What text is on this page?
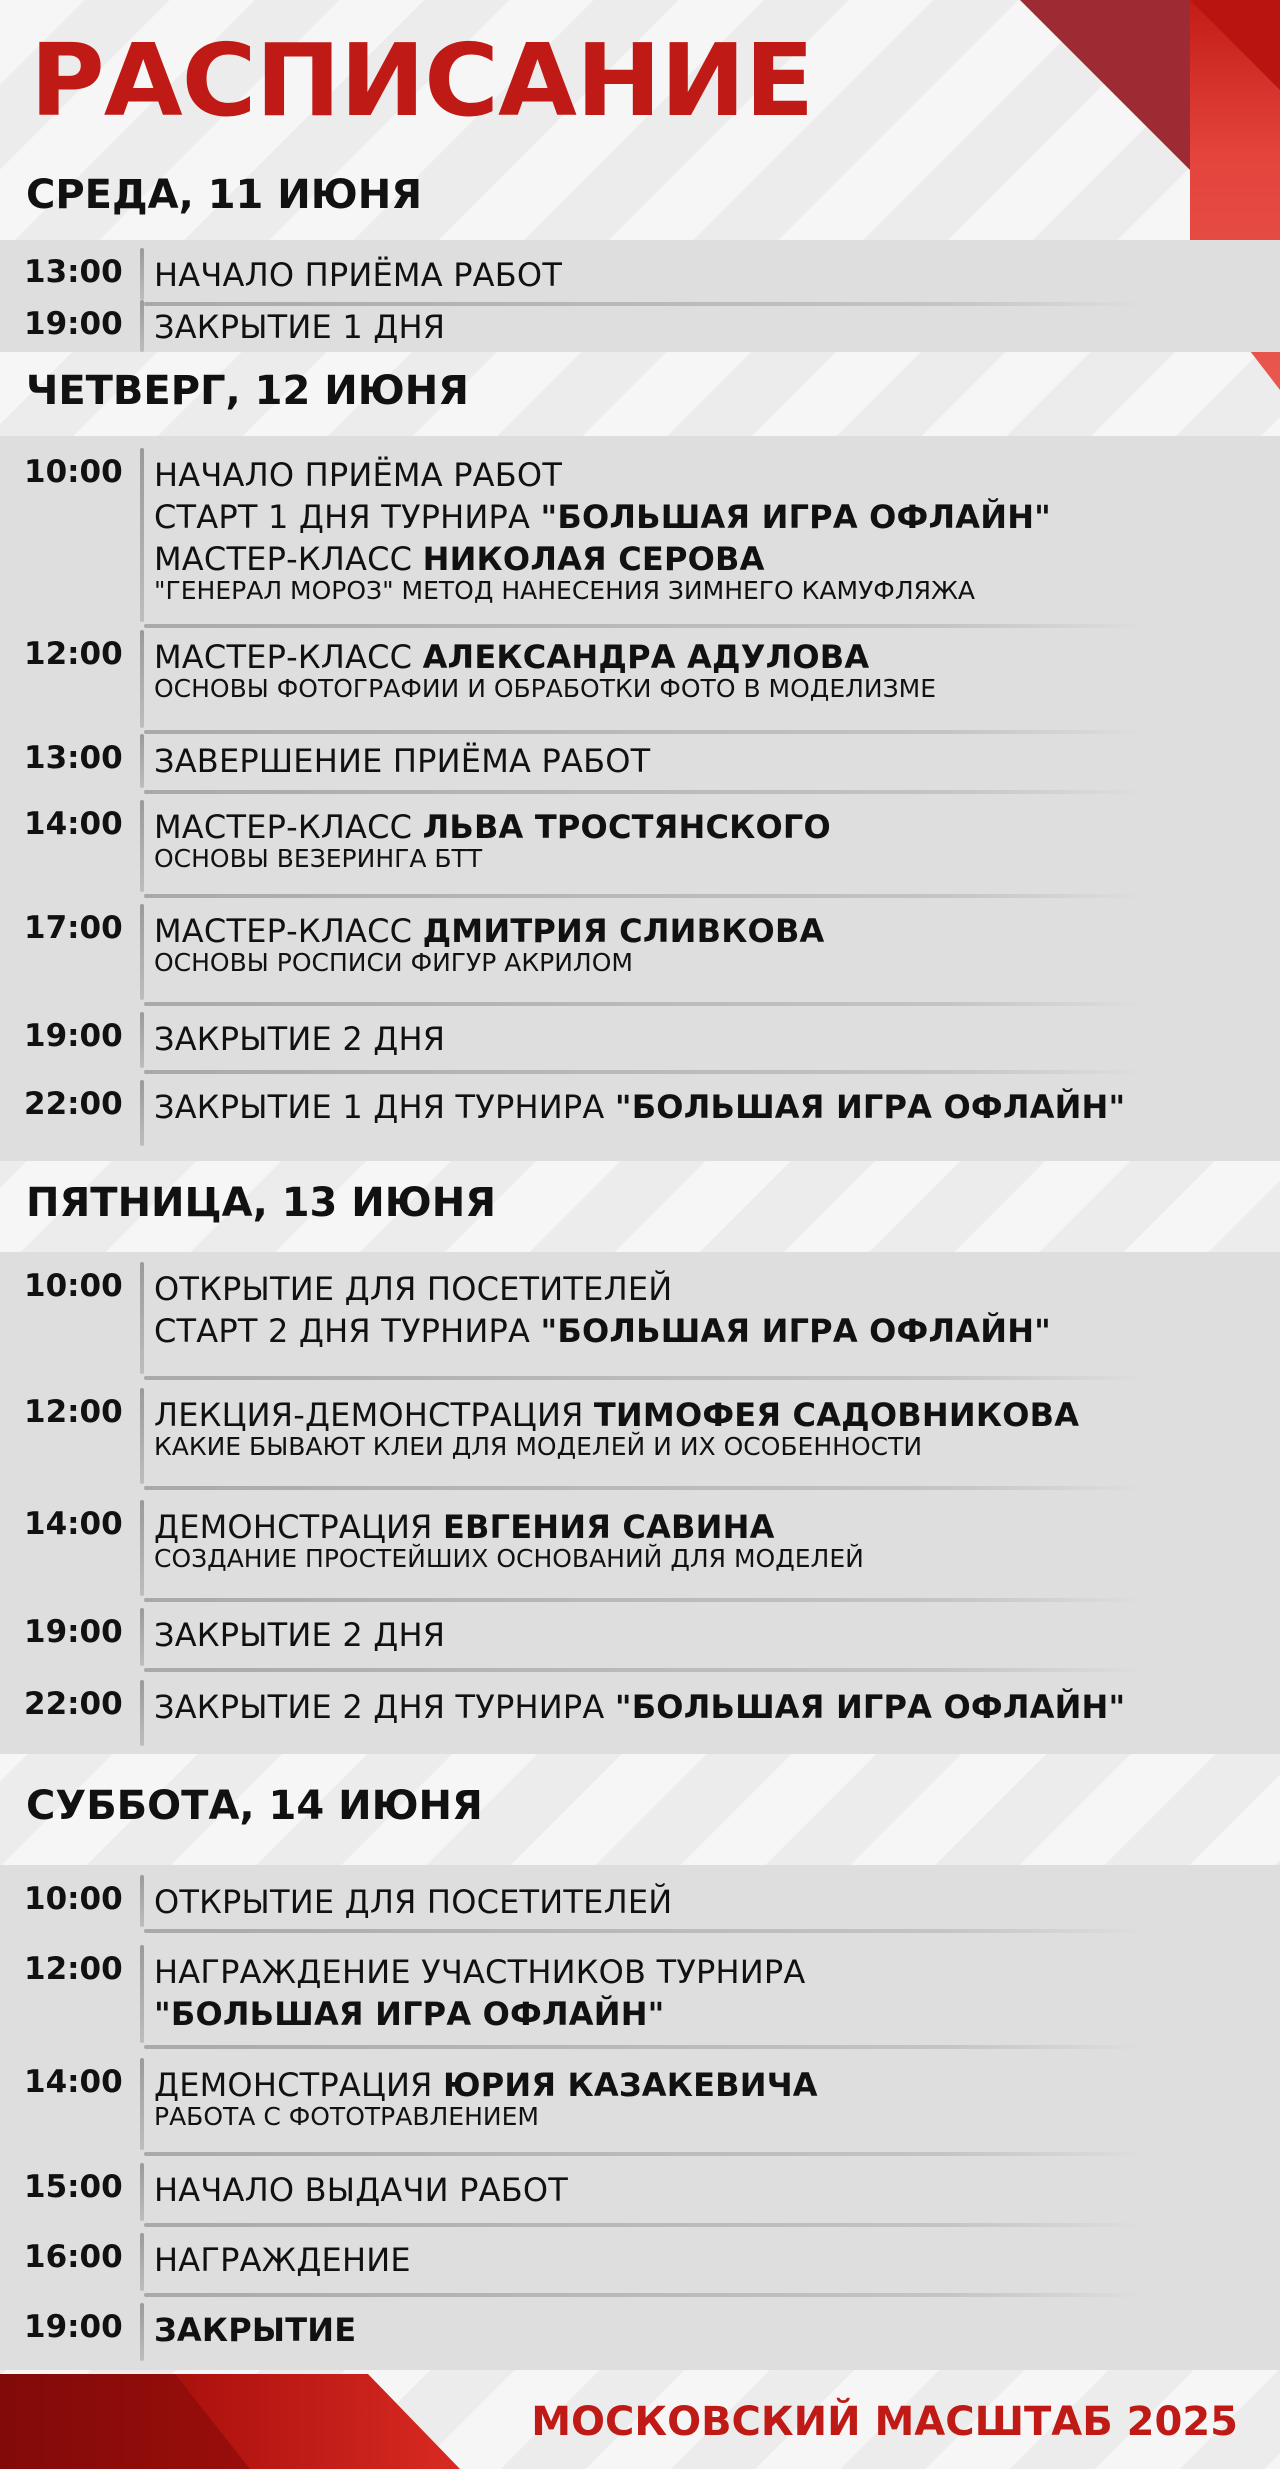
РАСПИСАНИЕ
СРЕДА, 11 ИЮНЯ
13:00 НАЧАЛО ПРИЁМА РАБОТ
19:00 ЗАКРЫТИЕ 1 ДНЯ
ЧЕТВЕРГ, 12 ИЮНЯ
10:00 НАЧАЛО ПРИЁМА РАБОТ
СТАРТ 1 ДНЯ ТУРНИРА "БОЛЬШАЯ ИГРА ОФЛАЙН"
МАСТЕР-КЛАСС НИКОЛАЯ СЕРОВА
"ГЕНЕРАЛ МОРОЗ" МЕТОД НАНЕСЕНИЯ ЗИМНЕГО КАМУФЛЯЖА
12:00 МАСТЕР-КЛАСС АЛЕКСАНДРА АДУЛОВА
ОСНОВЫ ФОТОГРАФИИ И ОБРАБОТКИ ФОТО В МОДЕЛИЗМЕ
13:00 ЗАВЕРШЕНИЕ ПРИЁМА РАБОТ
14:00 МАСТЕР-КЛАСС ЛЬВА ТРОСТЯНСКОГО
ОСНОВЫ ВЕЗЕРИНГА БТТ
17:00 МАСТЕР-КЛАСС ДМИТРИЯ СЛИВКОВА
ОСНОВЫ РОСПИСИ ФИГУР АКРИЛОМ
19:00 ЗАКРЫТИЕ 2 ДНЯ
22:00 ЗАКРЫТИЕ 1 ДНЯ ТУРНИРА "БОЛЬШАЯ ИГРА ОФЛАЙН"
ПЯТНИЦА, 13 ИЮНЯ
10:00 ОТКРЫТИЕ ДЛЯ ПОСЕТИТЕЛЕЙ
СТАРТ 2 ДНЯ ТУРНИРА "БОЛЬШАЯ ИГРА ОФЛАЙН"
12:00 ЛЕКЦИЯ-ДЕМОНСТРАЦИЯ ТИМОФЕЯ САДОВНИКОВА
КАКИЕ БЫВАЮТ КЛЕИ ДЛЯ МОДЕЛЕЙ И ИХ ОСОБЕННОСТИ
14:00 ДЕМОНСТРАЦИЯ ЕВГЕНИЯ САВИНА
СОЗДАНИЕ ПРОСТЕЙШИХ ОСНОВАНИЙ ДЛЯ МОДЕЛЕЙ
19:00 ЗАКРЫТИЕ 2 ДНЯ
22:00 ЗАКРЫТИЕ 2 ДНЯ ТУРНИРА "БОЛЬШАЯ ИГРА ОФЛАЙН"
СУББОТА, 14 ИЮНЯ
10:00 ОТКРЫТИЕ ДЛЯ ПОСЕТИТЕЛЕЙ
12:00 НАГРАЖДЕНИЕ УЧАСТНИКОВ ТУРНИРА
"БОЛЬШАЯ ИГРА ОФЛАЙН"
14:00 ДЕМОНСТРАЦИЯ ЮРИЯ КАЗАКЕВИЧА
РАБОТА С ФОТОТРАВЛЕНИЕМ
15:00 НАЧАЛО ВЫДАЧИ РАБОТ
16:00 НАГРАЖДЕНИЕ
19:00 ЗАКРЫТИЕ
МОСКОВСКИЙ МАСШТАБ 2025
